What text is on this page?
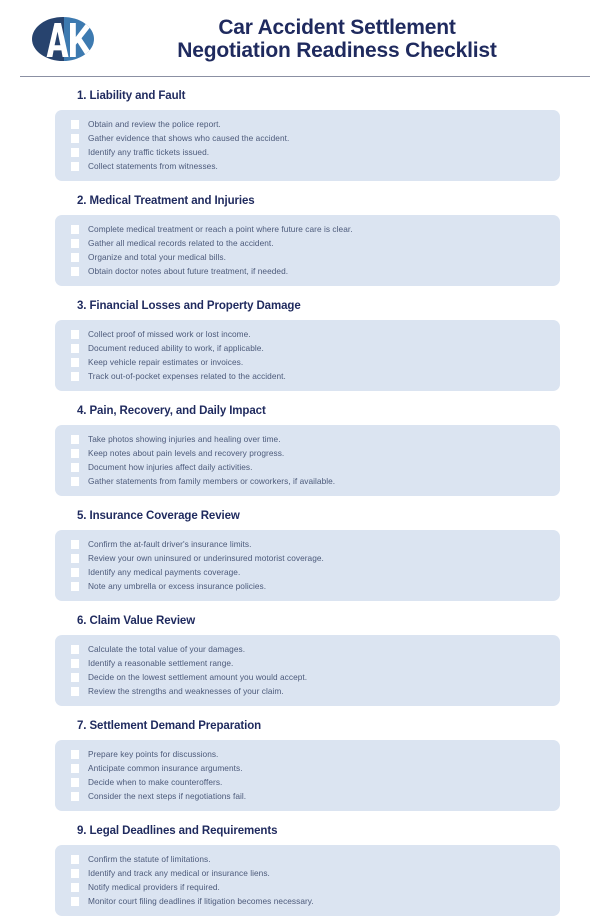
Car Accident Settlement
Negotiation Readiness Checklist
1. Liability and Fault
Obtain and review the police report.
Gather evidence that shows who caused the accident.
Identify any traffic tickets issued.
Collect statements from witnesses.
2. Medical Treatment and Injuries
Complete medical treatment or reach a point where future care is clear.
Gather all medical records related to the accident.
Organize and total your medical bills.
Obtain doctor notes about future treatment, if needed.
3. Financial Losses and Property Damage
Collect proof of missed work or lost income.
Document reduced ability to work, if applicable.
Keep vehicle repair estimates or invoices.
Track out-of-pocket expenses related to the accident.
4. Pain, Recovery, and Daily Impact
Take photos showing injuries and healing over time.
Keep notes about pain levels and recovery progress.
Document how injuries affect daily activities.
Gather statements from family members or coworkers, if available.
5. Insurance Coverage Review
Confirm the at-fault driver's insurance limits.
Review your own uninsured or underinsured motorist coverage.
Identify any medical payments coverage.
Note any umbrella or excess insurance policies.
6. Claim Value Review
Calculate the total value of your damages.
Identify a reasonable settlement range.
Decide on the lowest settlement amount you would accept.
Review the strengths and weaknesses of your claim.
7. Settlement Demand Preparation
Prepare key points for discussions.
Anticipate common insurance arguments.
Decide when to make counteroffers.
Consider the next steps if negotiations fail.
9. Legal Deadlines and Requirements
Confirm the statute of limitations.
Identify and track any medical or insurance liens.
Notify medical providers if required.
Monitor court filing deadlines if litigation becomes necessary.
